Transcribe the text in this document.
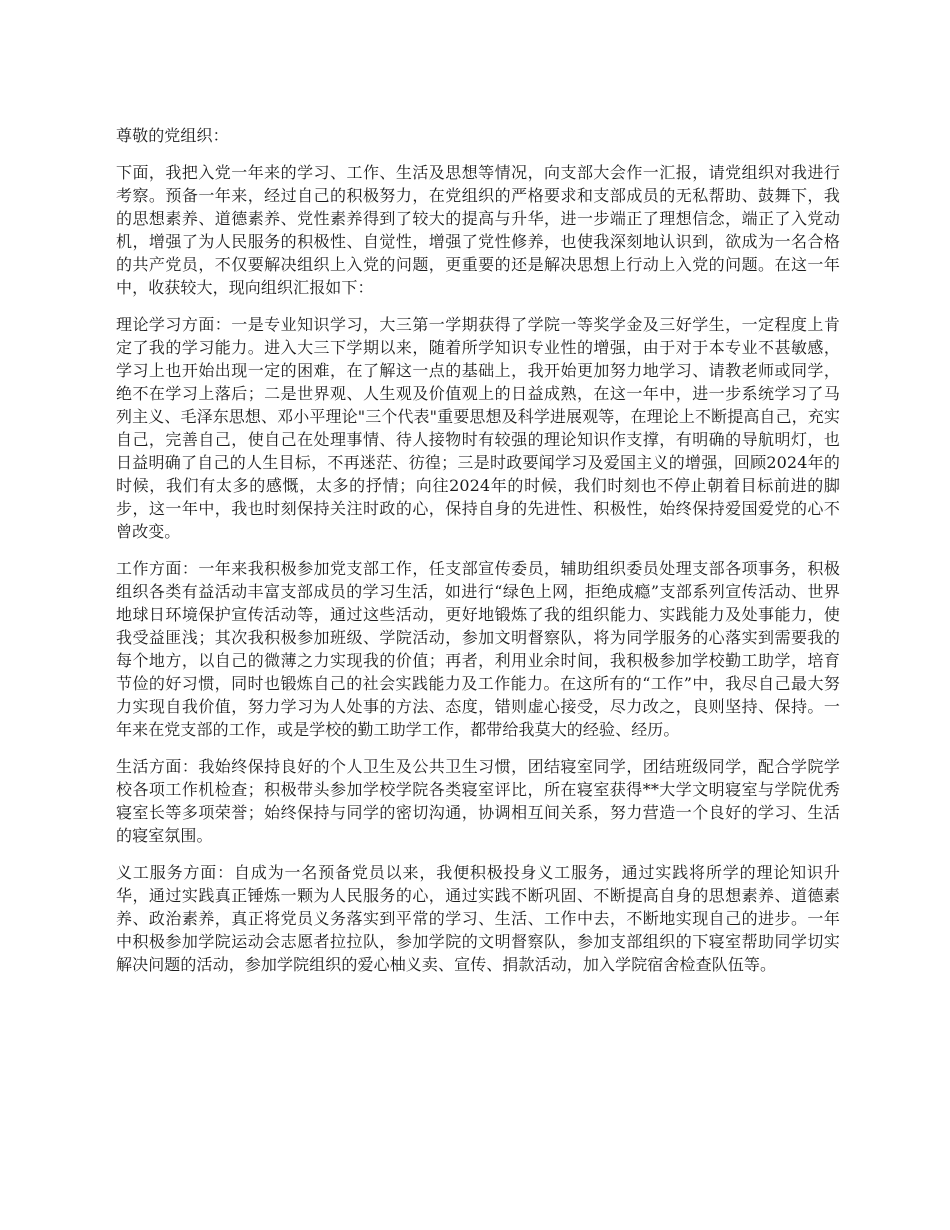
尊敬的党组织：

下面，我把入党一年来的学习、工作、生活及思想等情况，向支部大会作一汇报，请党组织对我进行考察。预备一年来，经过自己的积极努力，在党组织的严格要求和支部成员的无私帮助、鼓舞下，我的思想素养、道德素养、党性素养得到了较大的提高与升华，进一步端正了理想信念，端正了入党动机，增强了为人民服务的积极性、自觉性，增强了党性修养，也使我深刻地认识到，欲成为一名合格的共产党员，不仅要解决组织上入党的问题，更重要的还是解决思想上行动上入党的问题。在这一年中，收获较大，现向组织汇报如下：

理论学习方面：一是专业知识学习，大三第一学期获得了学院一等奖学金及三好学生，一定程度上肯定了我的学习能力。进入大三下学期以来，随着所学知识专业性的增强，由于对于本专业不甚敏感，学习上也开始出现一定的困难，在了解这一点的基础上，我开始更加努力地学习、请教老师或同学，绝不在学习上落后；二是世界观、人生观及价值观上的日益成熟，在这一年中，进一步系统学习了马列主义、毛泽东思想、邓小平理论"三个代表"重要思想及科学进展观等，在理论上不断提高自己，充实自己，完善自己，使自己在处理事情、待人接物时有较强的理论知识作支撑，有明确的导航明灯，也日益明确了自己的人生目标，不再迷茫、彷徨；三是时政要闻学习及爱国主义的增强，回顾2024年的时候，我们有太多的感慨，太多的抒情；向往2024年的时候，我们时刻也不停止朝着目标前进的脚步，这一年中，我也时刻保持关注时政的心，保持自身的先进性、积极性，始终保持爱国爱党的心不曾改变。

工作方面：一年来我积极参加党支部工作，任支部宣传委员，辅助组织委员处理支部各项事务，积极组织各类有益活动丰富支部成员的学习生活，如进行“绿色上网，拒绝成瘾”支部系列宣传活动、世界地球日环境保护宣传活动等，通过这些活动，更好地锻炼了我的组织能力、实践能力及处事能力，使我受益匪浅；其次我积极参加班级、学院活动，参加文明督察队，将为同学服务的心落实到需要我的每个地方，以自己的微薄之力实现我的价值；再者，利用业余时间，我积极参加学校勤工助学，培育节俭的好习惯，同时也锻炼自己的社会实践能力及工作能力。在这所有的“工作”中，我尽自己最大努力实现自我价值，努力学习为人处事的方法、态度，错则虚心接受，尽力改之，良则坚持、保持。一年来在党支部的工作，或是学校的勤工助学工作，都带给我莫大的经验、经历。

生活方面：我始终保持良好的个人卫生及公共卫生习惯，团结寝室同学，团结班级同学，配合学院学校各项工作机检查；积极带头参加学校学院各类寝室评比，所在寝室获得**大学文明寝室与学院优秀寝室长等多项荣誉；始终保持与同学的密切沟通，协调相互间关系，努力营造一个良好的学习、生活的寝室氛围。

义工服务方面：自成为一名预备党员以来，我便积极投身义工服务，通过实践将所学的理论知识升华，通过实践真正锤炼一颗为人民服务的心，通过实践不断巩固、不断提高自身的思想素养、道德素养、政治素养，真正将党员义务落实到平常的学习、生活、工作中去，不断地实现自己的进步。一年中积极参加学院运动会志愿者拉拉队，参加学院的文明督察队，参加支部组织的下寝室帮助同学切实解决问题的活动，参加学院组织的爱心柚义卖、宣传、捐款活动，加入学院宿舍检查队伍等。
